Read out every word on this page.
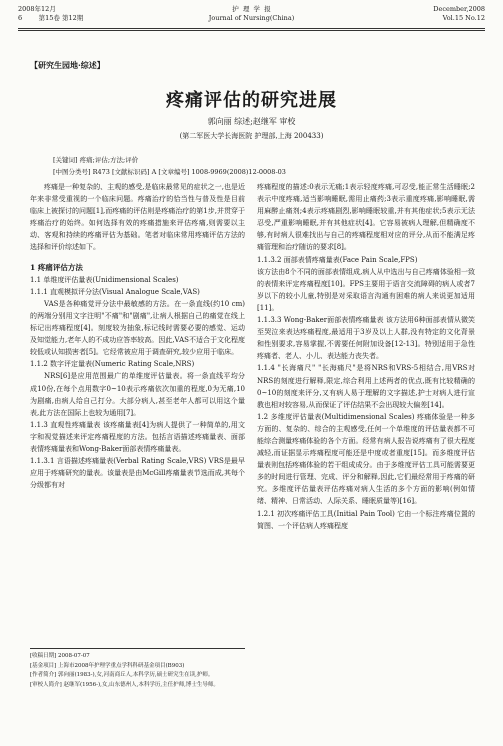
2008年12月
6        第15卷 第12期
护  理  学  报
Journal of Nursing(China)
December,2008
Vol.15 No.12
【研究生园地·综述】
疼痛评估的研究进展
郭向丽 综述;赵继军 审校
(第二军医大学长海医院 护理部,上海 200433)
[关键词] 疼痛;评估;方法;评价
[中图分类号] R473 [文献标识码] A [文章编号] 1008-9969(2008)12-0008-03

疼痛是一种复杂的、主观的感受,是临床最常见的症状之一,也是近年来非常受重视的一个临床问题。疼痛治疗的恰当性与普及性是目前临床上被探讨的问题[1],而疼痛的评估则是疼痛治疗的第1步,并贯穿于疼痛治疗的始终。如何选择有效的疼痛措施来评估疼痛,则需要以主动、客观和持续的疼痛评估为基础。笔者对临床常用疼痛评估方法的选择和评价综述如下。

1 疼痛评估方法

1.1 单维度评估量表(Unidimensional Scales)

1.1.1 直观模拟评分法(Visual Analogue Scale,VAS)

VAS是各种痛觉评分法中最敏感的方法。在一条直线(约10 cm)的两端分别用文字注明"不痛"和"剧痛",让病人根据自己的痛觉在线上标记出疼痛程度[4]。刻度较为抽象,标记线时需要必要的感觉、运动及知觉能力,老年人的不成功应答率较高。因此,VAS不适合于文化程度较低或认知损害者[5]。它经常被应用于调查研究,较少应用于临床。

1.1.2 数字评定量表(Numeric Rating Scale,NRS)

NRS[6]是应用范围最广的单维度评估量表。将一条直线平均分成10份,在每个点用数字0~10表示疼痛依次加重的程度,0为无痛,10为剧痛,由病人给自己打分。大部分病人,甚至老年人都可以用这个量表,此方法在国际上也较为通用[7]。

1.1.3 直观性疼痛量表 该疼痛量表[4]为病人提供了一种简单的,用文字和视觉描述来评定疼痛程度的方法。包括言语描述疼痛量表、面部表情疼痛量表和Wong-Baker面部表情疼痛量表。

1.1.3.1 言语描述疼痛量表(Verbal Rating Scale,VRS) VRS是最早应用于疼痛研究的量表。该量表是由McGill疼痛量表节选而成,其每个分级都有对

疼痛程度的描述:0表示无痛;1表示轻度疼痛,可忍受,能正常生活睡眠;2表示中度疼痛,适当影响睡眠,需用止痛药;3表示重度疼痛,影响睡眠,需用麻醉止痛剂;4表示疼痛剧烈,影响睡眠较重,并有其他症状;5表示无法忍受,严重影响睡眠,并有其他症状[4]。它容易被病人理解,但精确度不够,有时病人很难找出与自己的疼痛程度相对应的评分,从而不能满足疼痛管理和治疗随访的要求[8]。

1.1.3.2 面部表情疼痛量表(Face Pain Scale,FPS)

该方法由8个不同的面部表情组成,病人从中选出与自己疼痛体验相一致的表情来评定疼痛程度[10]。FPS主要用于语言交流障碍的病人或者7岁以下的较小儿童,特别是对采取语言沟通有困难的病人来说更加适用[11]。

1.1.3.3 Wong-Baker面部表情疼痛量表 该方法用6种面部表情从微笑至哭泣来表达疼痛程度,最适用于3岁及以上人群,没有特定的文化背景和性别要求,容易掌握,不需要任何附加设备[12-13]。特别适用于急性疼痛者、老人、小儿、表达能力丧失者。

1.1.4 "长海痛尺" "长海痛尺"是将NRS和VRS-5相结合,用VRS对NRS的刻度进行解释,限定,综合利用上述两者的优点,既有比较精确的0~10的刻度来评分,又有病人易于理解的文字描述,护士对病人进行宣教也相对较容易,从而保证了评估结果不会出现较大偏差[14]。

1.2 多维度评估量表(Multidimensional Scales) 疼痛体验是一种多方面的、复杂的、综合的主观感受,任何一个单维度的评估量表都不可能综合测量疼痛体验的各个方面。经常有病人报告说疼痛有了很大程度减轻,而证据显示疼痛程度可能还是中度或者重度[15]。而多维度评估量表则包括疼痛体验的若干组成成分。由于多维度评估工具可能需要更多的时间进行管理、完成、评分和解释,因此,它们最经常用于疼痛的研究。多维度评估量表评估疼痛对病人生活的多个方面的影响(例如情绪、精神、日常活动、人际关系、睡眠质量等)[16]。

1.2.1 初次疼痛评估工具(Initial Pain Tool) 它由一个标注疼痛位置的简图、一个评估病人疼痛程度

[收稿日期] 2008-07-07
[基金项目] 上海市2008年护理学重点学科科研基金项目(B903)
[作者简介] 郭向丽(1983-),女,河南商丘人,本科学历,硕士研究生在读,护师。
[审校人简介] 赵继军(1956-),女,山东德州人,本科学历,主任护师,博士生导师。
